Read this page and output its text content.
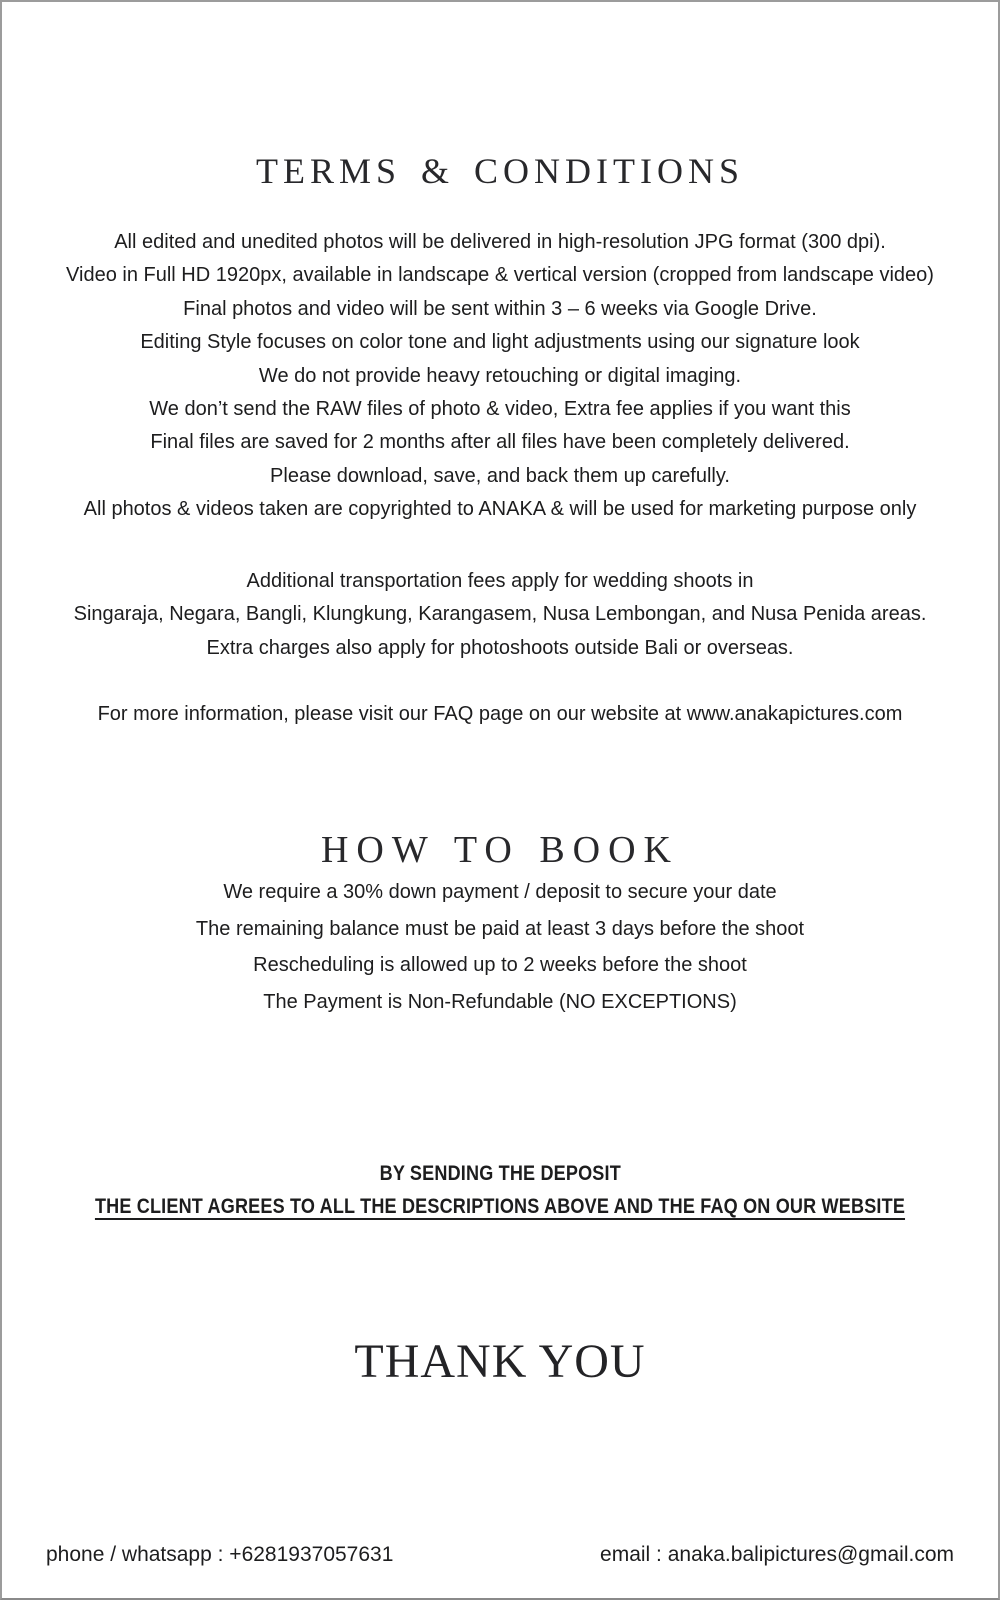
TERMS & CONDITIONS
All edited and unedited photos will be delivered in high-resolution JPG format (300 dpi).
Video in Full HD 1920px, available in landscape & vertical version (cropped from landscape video)
Final photos and video will be sent within 3 – 6 weeks via Google Drive.
Editing Style focuses on color tone and light adjustments using our signature look
We do not provide heavy retouching or digital imaging.
We don’t send the RAW files of photo & video, Extra fee applies if you want this
Final files are saved for 2 months after all files have been completely delivered.
Please download, save, and back them up carefully.
All photos & videos taken are copyrighted to ANAKA & will be used for marketing purpose only
Additional transportation fees apply for wedding shoots in
Singaraja, Negara, Bangli, Klungkung, Karangasem, Nusa Lembongan, and Nusa Penida areas.
Extra charges also apply for photoshoots outside Bali or overseas.
For more information, please visit our FAQ page on our website at www.anakapictures.com
HOW TO BOOK
We require a 30% down payment / deposit to secure your date
The remaining balance must be paid at least 3 days before the shoot
Rescheduling is allowed up to 2 weeks before the shoot
The Payment is Non-Refundable (NO EXCEPTIONS)
BY SENDING THE DEPOSIT
THE CLIENT AGREES TO ALL THE DESCRIPTIONS ABOVE AND THE FAQ ON OUR WEBSITE
THANK YOU
phone / whatsapp : +6281937057631	email : anaka.balipictures@gmail.com
